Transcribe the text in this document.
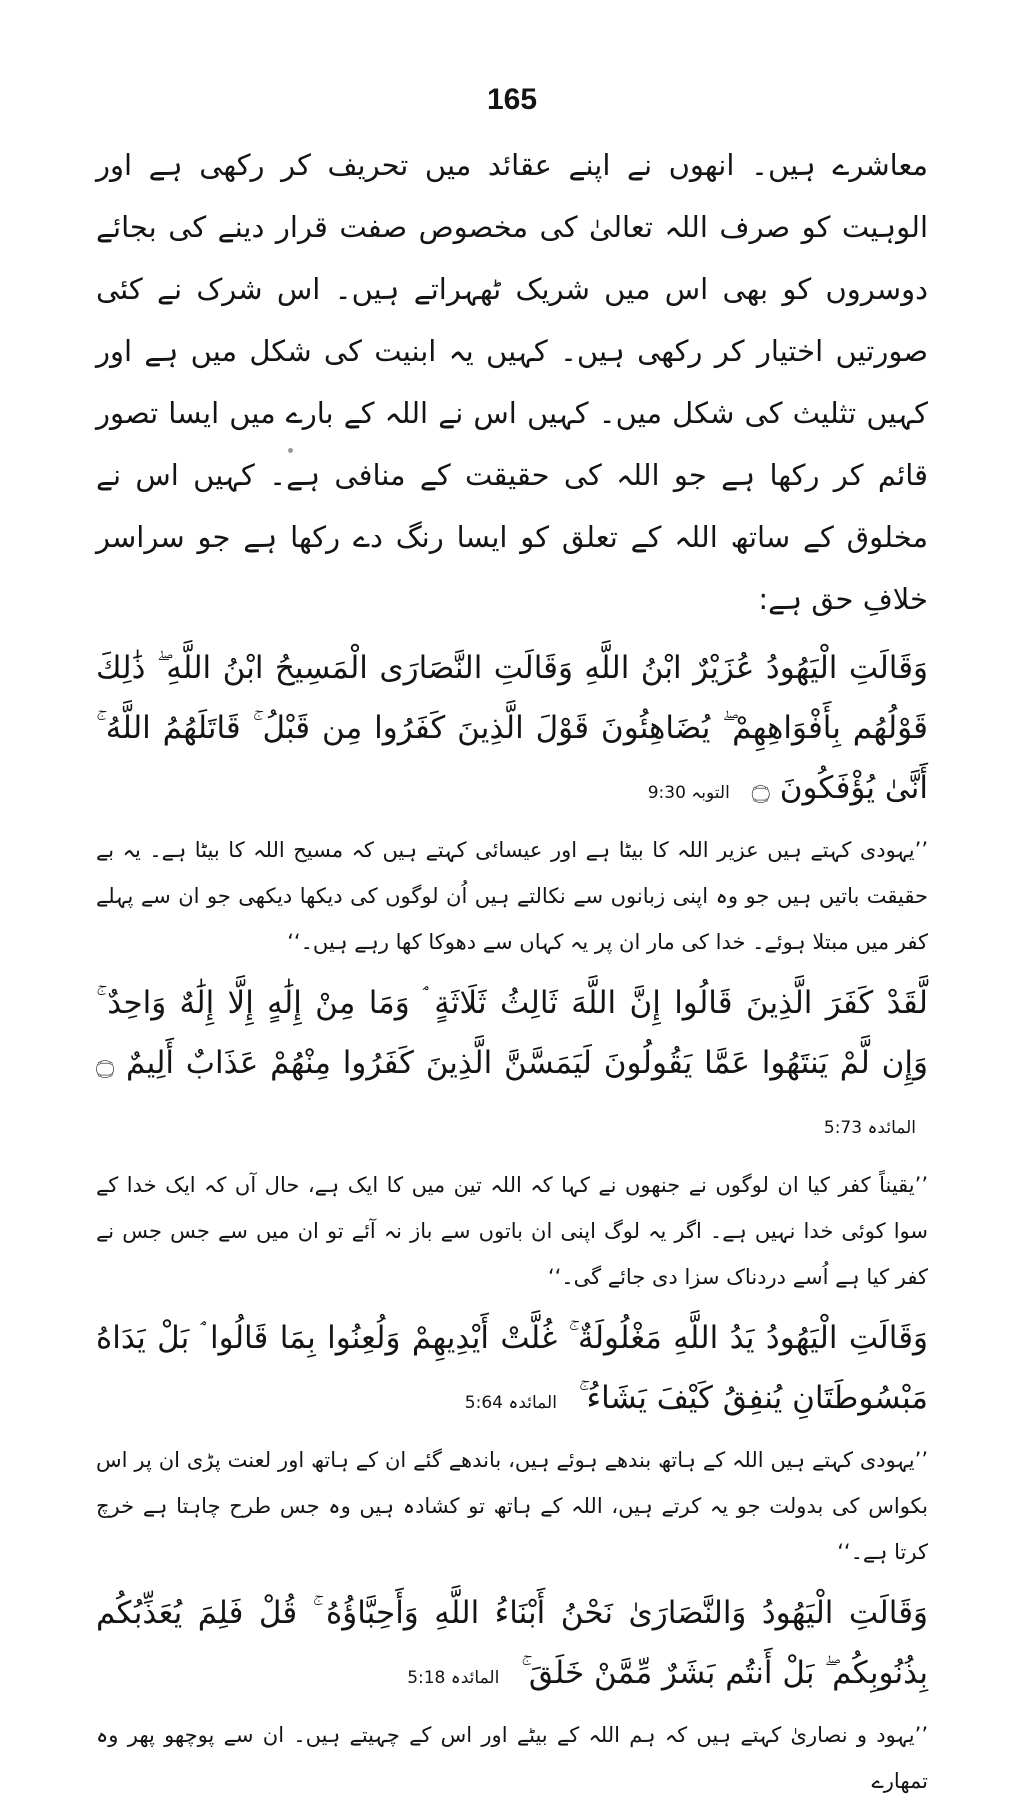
165

معاشرے ہیں۔ انھوں نے اپنے عقائد میں تحریف کر رکھی ہے اور الوہیت کو صرف اللہ تعالیٰ کی مخصوص صفت قرار دینے کی بجائے دوسروں کو بھی اس میں شریک ٹھہراتے ہیں۔ اس شرک نے کئی صورتیں اختیار کر رکھی ہیں۔ کہیں یہ ابنیت کی شکل میں ہے اور کہیں تثلیث کی شکل میں۔ کہیں اس نے اللہ کے بارے میں ایسا تصور قائم کر رکھا ہے جو اللہ کی حقیقت کے منافی ہے۔ کہیں اس نے مخلوق کے ساتھ اللہ کے تعلق کو ایسا رنگ دے رکھا ہے جو سراسر خلافِ حق ہے:

وَقَالَتِ الْيَهُودُ عُزَيْرٌ ابْنُ اللَّهِ وَقَالَتِ النَّصَارَى الْمَسِيحُ ابْنُ اللَّهِ ۖ ذَٰلِكَ قَوْلُهُم بِأَفْوَاهِهِمْ ۖ يُضَاهِئُونَ قَوْلَ الَّذِينَ كَفَرُوا مِن قَبْلُ ۚ قَاتَلَهُمُ اللَّهُ ۚ أَنَّىٰ يُؤْفَكُونَ ۝ التوبہ 9:30

’’یہودی کہتے ہیں عزیر اللہ کا بیٹا ہے اور عیسائی کہتے ہیں کہ مسیح اللہ کا بیٹا ہے۔ یہ بے حقیقت باتیں ہیں جو وہ اپنی زبانوں سے نکالتے ہیں اُن لوگوں کی دیکھا دیکھی جو ان سے پہلے کفر میں مبتلا ہوئے۔ خدا کی مار ان پر یہ کہاں سے دھوکا کھا رہے ہیں۔‘‘

لَّقَدْ كَفَرَ الَّذِينَ قَالُوا إِنَّ اللَّهَ ثَالِثُ ثَلَاثَةٍ ۘ وَمَا مِنْ إِلَٰهٍ إِلَّا إِلَٰهٌ وَاحِدٌ ۚ وَإِن لَّمْ يَنتَهُوا عَمَّا يَقُولُونَ لَيَمَسَّنَّ الَّذِينَ كَفَرُوا مِنْهُمْ عَذَابٌ أَلِيمٌ ۝ المائدہ 5:73

’’یقیناً کفر کیا ان لوگوں نے جنھوں نے کہا کہ اللہ تین میں کا ایک ہے، حال آں کہ ایک خدا کے سوا کوئی خدا نہیں ہے۔ اگر یہ لوگ اپنی ان باتوں سے باز نہ آئے تو ان میں سے جس جس نے کفر کیا ہے اُسے دردناک سزا دی جائے گی۔‘‘

وَقَالَتِ الْيَهُودُ يَدُ اللَّهِ مَغْلُولَةٌ ۚ غُلَّتْ أَيْدِيهِمْ وَلُعِنُوا بِمَا قَالُوا ۘ بَلْ يَدَاهُ مَبْسُوطَتَانِ يُنفِقُ كَيْفَ يَشَاءُ ۚ المائدہ 5:64

’’یہودی کہتے ہیں اللہ کے ہاتھ بندھے ہوئے ہیں، باندھے گئے ان کے ہاتھ اور لعنت پڑی ان پر اس بکواس کی بدولت جو یہ کرتے ہیں، اللہ کے ہاتھ تو کشادہ ہیں وہ جس طرح چاہتا ہے خرچ کرتا ہے۔‘‘

وَقَالَتِ الْيَهُودُ وَالنَّصَارَىٰ نَحْنُ أَبْنَاءُ اللَّهِ وَأَحِبَّاؤُهُ ۚ قُلْ فَلِمَ يُعَذِّبُكُم بِذُنُوبِكُم ۖ بَلْ أَنتُم بَشَرٌ مِّمَّنْ خَلَقَ ۚ المائدہ 5:18

’’یہود و نصاریٰ کہتے ہیں کہ ہم اللہ کے بیٹے اور اس کے چہیتے ہیں۔ ان سے پوچھو پھر وہ تمھارے
